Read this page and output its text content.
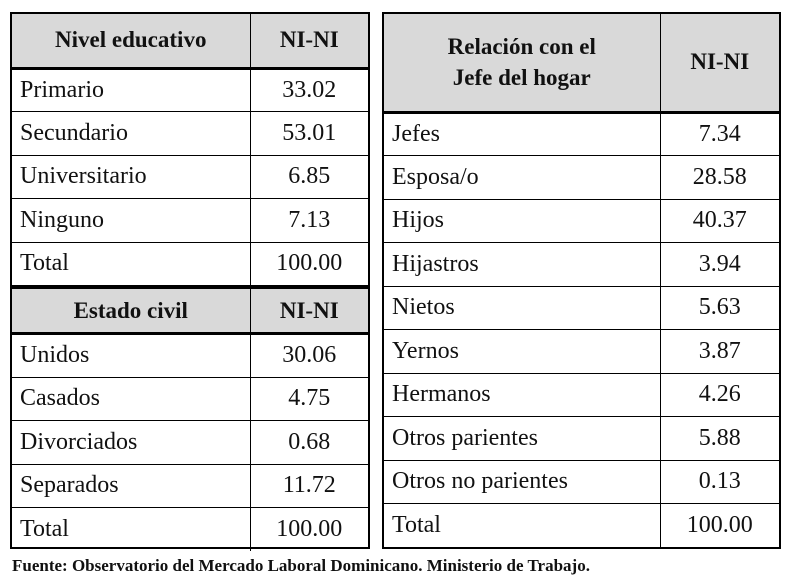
Nivel educativo	NI-NI
Primario	33.02
Secundario	53.01
Universitario	6.85
Ninguno	7.13
Total	100.00
Estado civil	NI-NI
Unidos	30.06
Casados	4.75
Divorciados	0.68
Separados	11.72
Total	100.00
Relación con el
Jefe del hogar	NI-NI
Jefes	7.34
Esposa/o	28.58
Hijos	40.37
Hijastros	3.94
Nietos	5.63
Yernos	3.87
Hermanos	4.26
Otros parientes	5.88
Otros no parientes	0.13
Total	100.00
Fuente: Observatorio del Mercado Laboral Dominicano. Ministerio de Trabajo.
